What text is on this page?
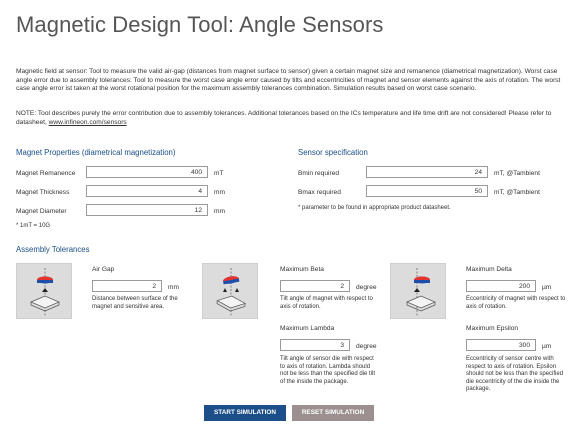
Magnetic Design Tool: Angle Sensors
Magnetic field at sensor: Tool to measure the valid air-gap (distances from magnet surface to sensor) given a certain magnet size and remanence (diametrical magnetization). Worst case angle error due to assembly tolerances: Tool to measure the worst case angle error caused by tilts and eccentricities of magnet and sensor elements against the axis of rotation. The worst case angle error ist taken at the worst rotational position for the maximum assembly tolerances combination. Simulation results based on worst case scenario.
NOTE: Tool describes purely the error contribution due to assembly tolerances. Additional tolerances based on the ICs temperature and life time drift are not considered! Please refer to datasheet, www.infineon.com/sensors
Magnet Properties (diametrical magnetization)
Magnet Remanence
400	mT
Magnet Thickness
4	mm
Magnet Diameter
12	mm
* 1mT = 10G
Sensor specification
Bmin required
24	mT, @Tambient
Bmax required
50	mT, @Tambient
* parameter to be found in appropriate product datasheet.
Assembly Tolerances
Air Gap
2
mm
Distance between surface of the magnet and sensitive area.
Maximum Beta
2
degree
Tilt angle of magnet with respect to axis of rotation.
Maximum Lambda
3
degree
Tilt angle of sensor die with respect to axis of rotation. Lambda should not be less than the specified die tilt of the inside the package.
Maximum Delta
200
µm
Eccentricity of magnet with respect to axis of rotation.
Maximum Epsilon
300
µm
Eccentricity of sensor centre with respect to axis of rotation. Epsilon should not be less than the specified die eccentricity of the die inside the package.
START SIMULATION	RESET SIMULATION
